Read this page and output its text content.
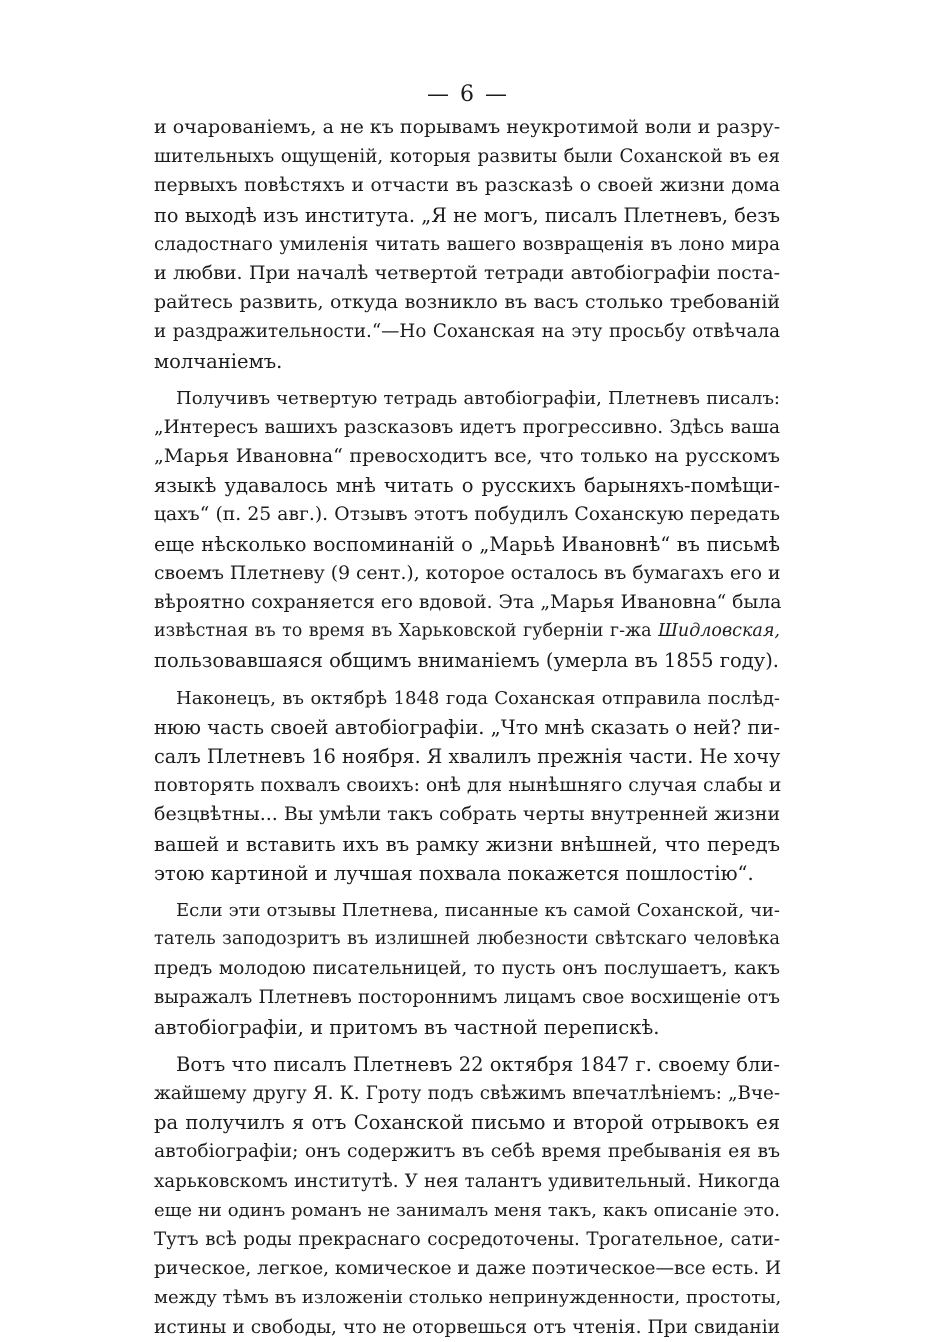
— 6 —
и очарованіемъ, а не къ порывамъ неукротимой воли и разру-
шительныхъ ощущеній, которыя развиты были Соханской въ ея
первыхъ повѣстяхъ и отчасти въ разсказѣ о своей жизни дома
по выходѣ изъ института. „Я не могъ, писалъ Плетневъ, безъ
сладостнаго умиленія читать вашего возвращенія въ лоно мира
и любви. При началѣ четвертой тетради автобіографіи поста-
райтесь развить, откуда возникло въ васъ столько требованій
и раздражительности.“—Но Соханская на эту просьбу отвѣчала
молчаніемъ.
Получивъ четвертую тетрадь автобіографіи, Плетневъ писалъ:
„Интересъ вашихъ разсказовъ идетъ прогрессивно. Здѣсь ваша
„Марья Ивановна“ превосходитъ все, что только на русскомъ
языкѣ удавалось мнѣ читать о русскихъ барыняхъ-помѣщи-
цахъ“ (п. 25 авг.). Отзывъ этотъ побудилъ Соханскую передать
еще нѣсколько воспоминаній о „Марьѣ Ивановнѣ“ въ письмѣ
своемъ Плетневу (9 сент.), которое осталось въ бумагахъ его и
вѣроятно сохраняется его вдовой. Эта „Марья Ивановна“ была
извѣстная въ то время въ Харьковской губерніи г-жа Шидловская,
пользовавшаяся общимъ вниманіемъ (умерла въ 1855 году).
Наконецъ, въ октябрѣ 1848 года Соханская отправила послѣд-
нюю часть своей автобіографіи. „Что мнѣ сказать о ней? пи-
салъ Плетневъ 16 ноября. Я хвалилъ прежнія части. Не хочу
повторять похвалъ своихъ: онѣ для нынѣшняго случая слабы и
безцвѣтны... Вы умѣли такъ собрать черты внутренней жизни
вашей и вставить ихъ въ рамку жизни внѣшней, что передъ
этою картиной и лучшая похвала покажется пошлостію“.
Если эти отзывы Плетнева, писанные къ самой Соханской, чи-
татель заподозритъ въ излишней любезности свѣтскаго человѣка
предъ молодою писательницей, то пусть онъ послушаетъ, какъ
выражалъ Плетневъ постороннимъ лицамъ свое восхищеніе отъ
автобіографіи, и притомъ въ частной перепискѣ.
Вотъ что писалъ Плетневъ 22 октября 1847 г. своему бли-
жайшему другу Я. К. Гроту подъ свѣжимъ впечатлѣніемъ: „Вче-
ра получилъ я отъ Соханской письмо и второй отрывокъ ея
автобіографіи; онъ содержитъ въ себѣ время пребыванія ея въ
харьковскомъ институтѣ. У нея талантъ удивительный. Никогда
еще ни одинъ романъ не занималъ меня такъ, какъ описаніе это.
Тутъ всѣ роды прекраснаго сосредоточены. Трогательное, сати-
рическое, легкое, комическое и даже поэтическое—все есть. И
между тѣмъ въ изложеніи столько непринужденности, простоты,
истины и свободы, что не оторвешься отъ чтенія. При свиданіи
